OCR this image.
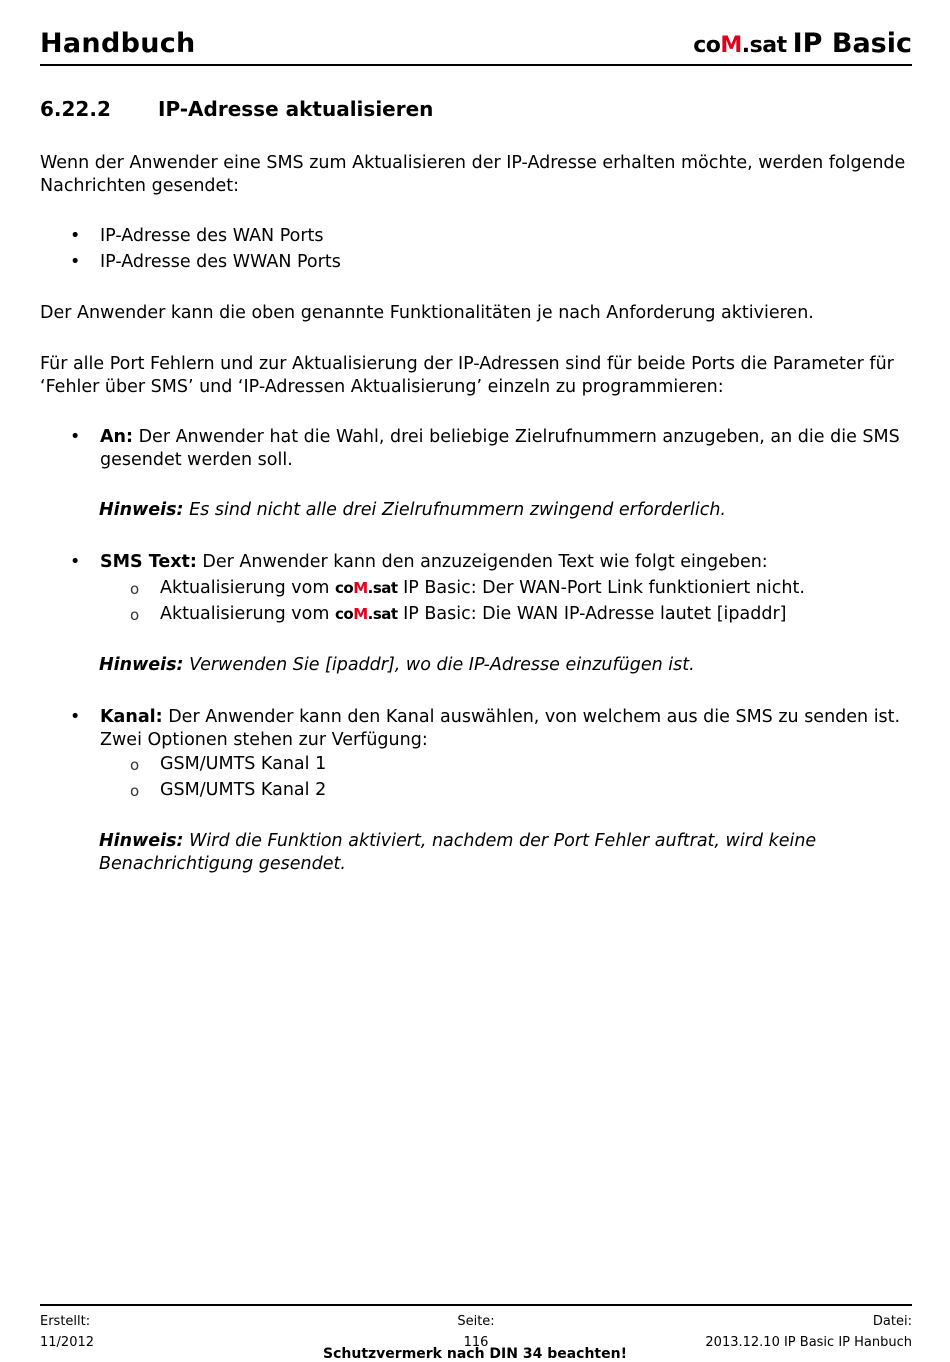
Handbuch	coM.sat IP Basic
6.22.2 IP-Adresse aktualisieren

Wenn der Anwender eine SMS zum Aktualisieren der IP-Adresse erhalten möchte, werden folgende Nachrichten gesendet:

• IP-Adresse des WAN Ports
• IP-Adresse des WWAN Ports

Der Anwender kann die oben genannte Funktionalitäten je nach Anforderung aktivieren.

Für alle Port Fehlern und zur Aktualisierung der IP-Adressen sind für beide Ports die Parameter für ‘Fehler über SMS’ und ‘IP-Adressen Aktualisierung’ einzeln zu programmieren:

• An: Der Anwender hat die Wahl, drei beliebige Zielrufnummern anzugeben, an die die SMS gesendet werden soll.
Hinweis: Es sind nicht alle drei Zielrufnummern zwingend erforderlich.
• SMS Text: Der Anwender kann den anzuzeigenden Text wie folgt eingeben:
o Aktualisierung vom coM.sat IP Basic: Der WAN-Port Link funktioniert nicht.
o Aktualisierung vom coM.sat IP Basic: Die WAN IP-Adresse lautet [ipaddr]
Hinweis: Verwenden Sie [ipaddr], wo die IP-Adresse einzufügen ist.
• Kanal: Der Anwender kann den Kanal auswählen, von welchem aus die SMS zu senden ist. Zwei Optionen stehen zur Verfügung:
o GSM/UMTS Kanal 1
o GSM/UMTS Kanal 2
Hinweis: Wird die Funktion aktiviert, nachdem der Port Fehler auftrat, wird keine Benachrichtigung gesendet.
Erstellt:
11/2012
Seite:
116
Datei:
2013.12.10 IP Basic IP Hanbuch
Schutzvermerk nach DIN 34 beachten!
